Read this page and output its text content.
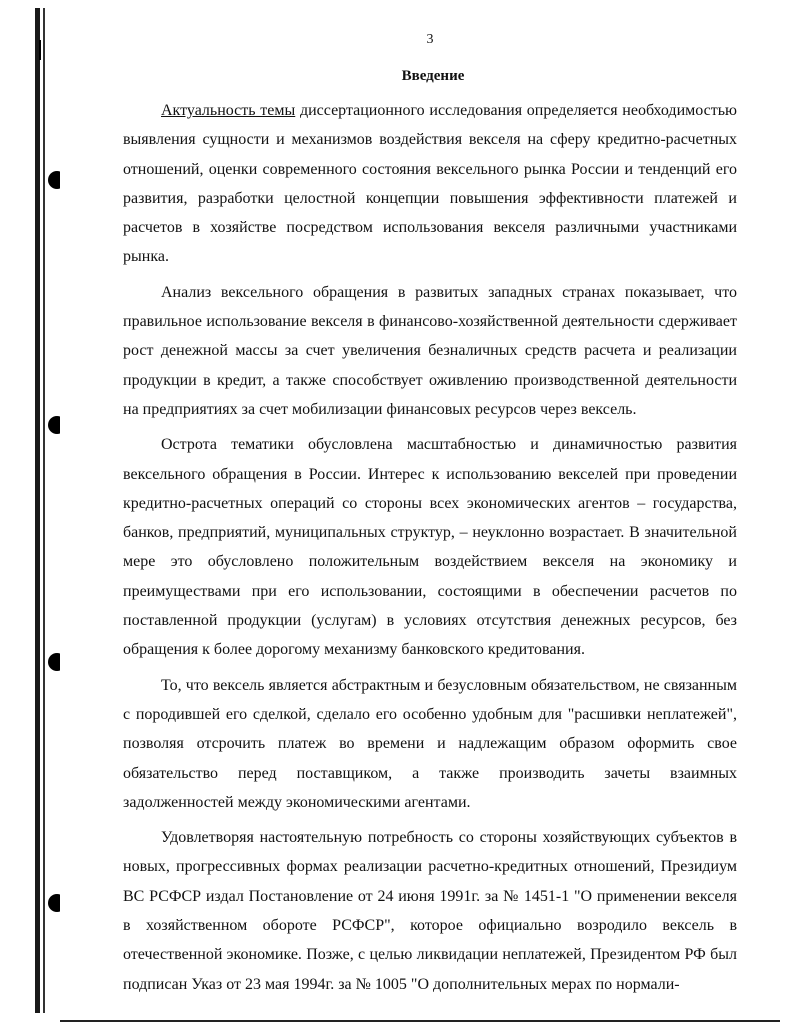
3
Введение

Актуальность темы диссертационного исследования определяется необходимостью выявления сущности и механизмов воздействия векселя на сферу кредитно-расчетных отношений, оценки современного состояния вексельного рынка России и тенденций его развития, разработки целостной концепции повышения эффективности платежей и расчетов в хозяйстве посредством использования векселя различными участниками рынка.

Анализ вексельного обращения в развитых западных странах показывает, что правильное использование векселя в финансово-хозяйственной деятельности сдерживает рост денежной массы за счет увеличения безналичных средств расчета и реализации продукции в кредит, а также способствует оживлению производственной деятельности на предприятиях за счет мобилизации финансовых ресурсов через вексель.

Острота тематики обусловлена масштабностью и динамичностью развития вексельного обращения в России. Интерес к использованию векселей при проведении кредитно-расчетных операций со стороны всех экономических агентов – государства, банков, предприятий, муниципальных структур, – неуклонно возрастает. В значительной мере это обусловлено положительным воздействием векселя на экономику и преимуществами при его использовании, состоящими в обеспечении расчетов по поставленной продукции (услугам) в условиях отсутствия денежных ресурсов, без обращения к более дорогому механизму банковского кредитования.

То, что вексель является абстрактным и безусловным обязательством, не связанным с породившей его сделкой, сделало его особенно удобным для "расшивки неплатежей", позволяя отсрочить платеж во времени и надлежащим образом оформить свое обязательство перед поставщиком, а также производить зачеты взаимных задолженностей между экономическими агентами.

Удовлетворяя настоятельную потребность со стороны хозяйствующих субъектов в новых, прогрессивных формах реализации расчетно-кредитных отношений, Президиум ВС РСФСР издал Постановление от 24 июня 1991г. за № 1451-1 "О применении векселя в хозяйственном обороте РСФСР", которое официально возродило вексель в отечественной экономике. Позже, с целью ликвидации неплатежей, Президентом РФ был подписан Указ от 23 мая 1994г. за № 1005 "О дополнительных мерах по нормали-
